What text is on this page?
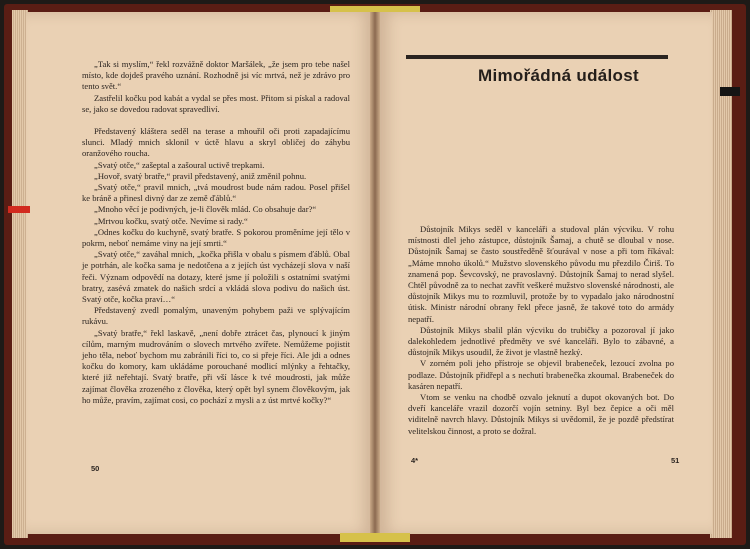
„Tak si myslím,“ řekl rozvážně doktor Maršálek, „že jsem pro tebe našel místo, kde dojdeš pravého uznání. Rozhodně jsi víc mrtvá, než je zdrávo pro tento svět.“

Zastřelil kočku pod kabát a vydal se přes most. Přitom si pískal a radoval se, jako se dovedou radovat spravedliví.

Představený kláštera seděl na terase a mhouřil oči proti zapadajícímu slunci. Mladý mnich sklonil v úctě hlavu a skryl obličej do záhybu oranžového roucha.

„Svatý otče,“ zašeptal a zašoural uctivě trepkami.

„Hovoř, svatý bratře,“ pravil představený, aniž změnil pohnu.

„Svatý otče,“ pravil mnich, „tvá moudrost bude nám radou. Posel přišel ke bráně a přinesl divný dar ze země ďáblů.“

„Mnoho věcí je podivných, je-li člověk mlád. Co obsahuje dar?“

„Mrtvou kočku, svatý otče. Nevíme si rady.“

„Odnes kočku do kuchyně, svatý bratře. S pokorou proměníme její tělo v pokrm, neboť nemáme viny na její smrti.“

„Svatý otče,“ zaváhal mnich, „kočka přišla v obalu s písmem ďáblů. Obal je potrhán, ale kočka sama je nedotčena a z jejích úst vycházejí slova v naší řeči. Význam odpovědí na dotazy, které jsme jí položili s ostatními svatými bratry, zasévá zmatek do našich srdcí a vkládá slova podivu do našich úst. Svatý otče, kočka praví…“

Představený zvedl pomalým, unaveným pohybem paži ve splývajícím rukávu.

„Svatý bratře,“ řekl laskavě, „není dobře ztrácet čas, plynoucí k jiným cílům, marným mudrováním o slovech mrtvého zvířete. Nemůžeme pojistit jeho těla, neboť bychom mu zabránili říci to, co si přeje říci. Ale jdi a odnes kočku do komory, kam ukládáme porouchané modlicí mlýnky a řehtačky, které již neřehtají. Svatý bratře, při vší lásce k tvé moudrosti, jak může zajímat člověka zrozeného z člověka, který opět byl synem člověkovým, jak ho může, pravím, zajímat cosi, co pochází z mysli a z úst mrtvé kočky?“

50
Mimořádná událost

Důstojník Mikys seděl v kanceláři a studoval plán výcviku. V rohu místnosti dlel jeho zástupce, důstojník Šamaj, a chutě se dloubal v nose. Důstojník Šamaj se často soustředěně šťourával v nose a při tom říkával: „Máme mnoho úkolů.“ Mužstvo slovenského původu mu přezdilo Čiriš. To znamená pop. Ševcovský, ne pravoslavný. Důstojník Šamaj to nerad slyšel. Chtěl původně za to nechat zavřít veškeré mužstvo slovenské národnosti, ale důstojník Mikys mu to rozmluvil, protože by to vypadalo jako národnostní útisk. Ministr národní obrany řekl přece jasně, že takové toto do armády nepatří.

Důstojník Mikys sbalil plán výcviku do trubičky a pozoroval jí jako dalekohledem jednotlivé předměty ve své kanceláři. Bylo to zábavné, a důstojník Mikys usoudil, že život je vlastně hezký.

V zorném poli jeho přístroje se objevil brabeneček, lezoucí zvolna po podlaze. Důstojník přidřepl a s nechutí brabenečka zkoumal. Brabeneček do kasáren nepatří.

Vtom se venku na chodbě ozvalo jeknutí a dupot okovaných bot. Do dveří kanceláře vrazil dozorčí vojín setniny. Byl bez čepice a oči měl viditelně navrch hlavy. Důstojník Mikys si uvědomil, že je pozdě předstírat velitelskou činnost, a proto se dožral.

4*	51
